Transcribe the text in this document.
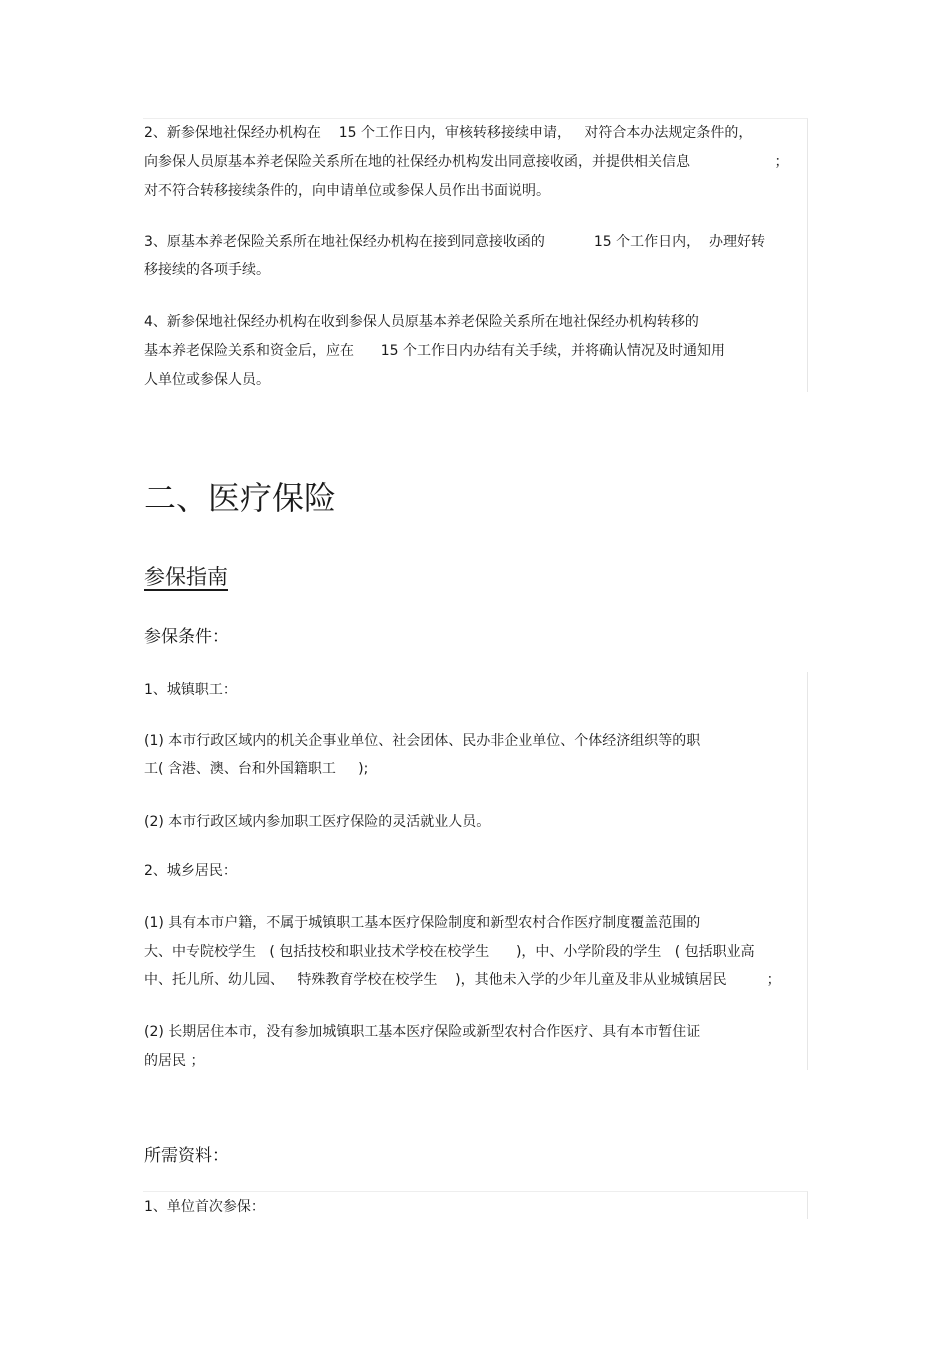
2、新参保地社保经办机构在    15 个工作日内，审核转移接续申请，   对符合本办法规定条件的，
向参保人员原基本养老保险关系所在地的社保经办机构发出同意接收函，并提供相关信息                   ；
对不符合转移接续条件的，向申请单位或参保人员作出书面说明。
3、原基本养老保险关系所在地社保经办机构在接到同意接收函的           15 个工作日内，  办理好转
移接续的各项手续。
4、新参保地社保经办机构在收到参保人员原基本养老保险关系所在地社保经办机构转移的
基本养老保险关系和资金后，应在      15 个工作日内办结有关手续，并将确认情况及时通知用
人单位或参保人员。
二、医疗保险
参保指南
参保条件：
1、城镇职工：
(1) 本市行政区域内的机关企事业单位、社会团体、民办非企业单位、个体经济组织等的职
工( 含港、澳、台和外国籍职工     );
(2) 本市行政区域内参加职工医疗保险的灵活就业人员。
2、城乡居民：
(1) 具有本市户籍，不属于城镇职工基本医疗保险制度和新型农村合作医疗制度覆盖范围的
大、中专院校学生   ( 包括技校和职业技术学校在校学生      )，中、小学阶段的学生   ( 包括职业高
中、托儿所、幼儿园、   特殊教育学校在校学生    )，其他未入学的少年儿童及非从业城镇居民         ；
(2) 长期居住本市，没有参加城镇职工基本医疗保险或新型农村合作医疗、具有本市暂住证
的居民 ；
所需资料：
1、单位首次参保：
